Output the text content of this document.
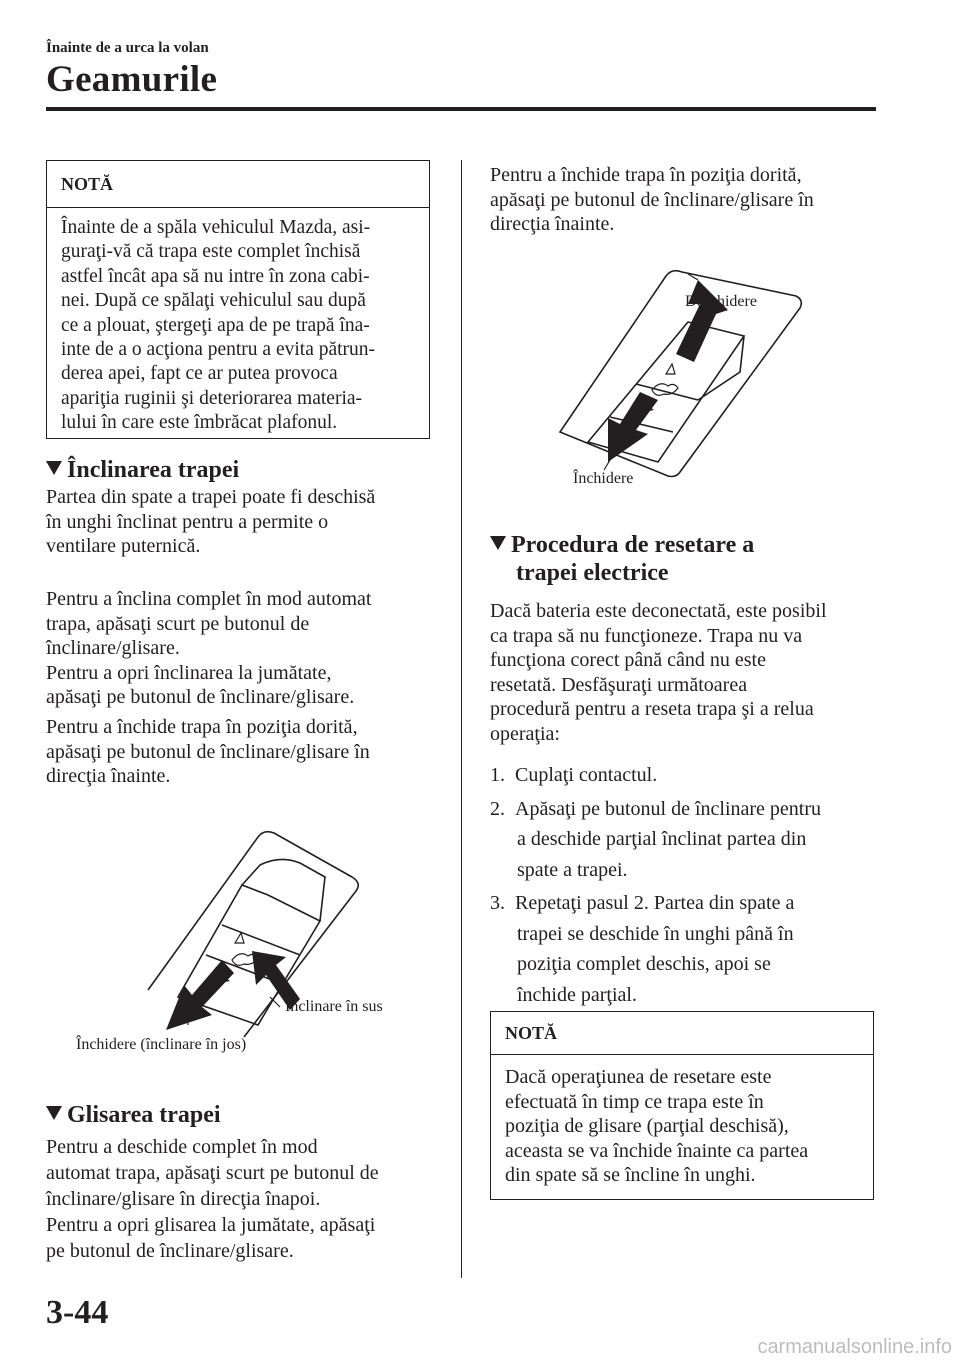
Înainte de a urca la volan
Geamurile
NOTĂ
Înainte de a spăla vehiculul Mazda, asi-
guraţi-vă că trapa este complet închisă
astfel încât apa să nu intre în zona cabi-
nei. După ce spălaţi vehiculul sau după
ce a plouat, ştergeţi apa de pe trapă îna-
inte de a o acţiona pentru a evita pătrun-
derea apei, fapt ce ar putea provoca
apariţia ruginii şi deteriorarea materia-
lului în care este îmbrăcat plafonul.
Înclinarea trapei
Partea din spate a trapei poate fi deschisă
în unghi înclinat pentru a permite o
ventilare puternică.
Pentru a înclina complet în mod automat
trapa, apăsaţi scurt pe butonul de
înclinare/glisare.
Pentru a opri înclinarea la jumătate,
apăsaţi pe butonul de înclinare/glisare.
Pentru a închide trapa în poziţia dorită,
apăsaţi pe butonul de înclinare/glisare în
direcţia înainte.
Înclinare în sus
Închidere (înclinare în jos)
Glisarea trapei
Pentru a deschide complet în mod
automat trapa, apăsaţi scurt pe butonul de
înclinare/glisare în direcţia înapoi.
Pentru a opri glisarea la jumătate, apăsaţi
pe butonul de înclinare/glisare.
Pentru a închide trapa în poziţia dorită,
apăsaţi pe butonul de înclinare/glisare în
direcţia înainte.
Deschidere
Închidere
Procedura de resetare a
trapei electrice
Dacă bateria este deconectată, este posibil
ca trapa să nu funcţioneze. Trapa nu va
funcţiona corect până când nu este
resetată. Desfăşuraţi următoarea
procedură pentru a reseta trapa şi a relua
operaţia:
1. Cuplaţi contactul.
2. Apăsaţi pe butonul de înclinare pentru
a deschide parţial înclinat partea din
spate a trapei.
3. Repetaţi pasul 2. Partea din spate a
trapei se deschide în unghi până în
poziţia complet deschis, apoi se
închide parţial.
NOTĂ
Dacă operaţiunea de resetare este
efectuată în timp ce trapa este în
poziţia de glisare (parţial deschisă),
aceasta se va închide înainte ca partea
din spate să se încline în unghi.
3-44
carmanualsonline.info
